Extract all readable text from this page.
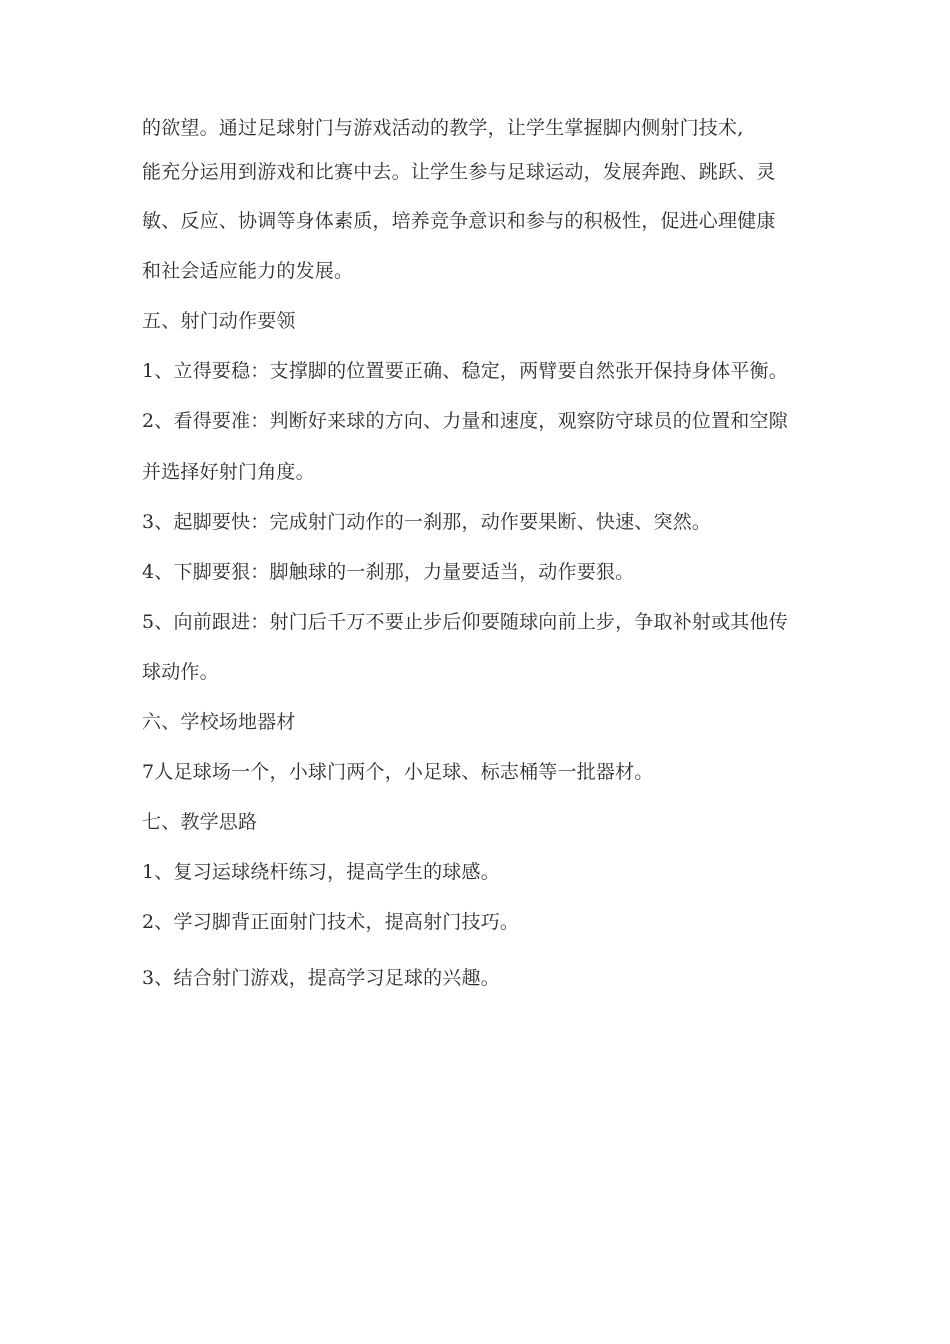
的欲望。通过足球射门与游戏活动的教学，让学生掌握脚内侧射门技术,
能充分运用到游戏和比赛中去。让学生参与足球运动，发展奔跑、跳跃、灵
敏、反应、协调等身体素质，培养竞争意识和参与的积极性，促进心理健康
和社会适应能力的发展。
五、射门动作要领
1、立得要稳：支撑脚的位置要正确、稳定，两臂要自然张开保持身体平衡。
2、看得要准：判断好来球的方向、力量和速度，观察防守球员的位置和空隙
并选择好射门角度。
3、起脚要快：完成射门动作的一刹那，动作要果断、快速、突然。
4、下脚要狠：脚触球的一刹那，力量要适当，动作要狠。
5、向前跟进：射门后千万不要止步后仰要随球向前上步，争取补射或其他传
球动作。
六、学校场地器材
7人足球场一个，小球门两个，小足球、标志桶等一批器材。
七、教学思路
1、复习运球绕杆练习，提高学生的球感。
2、学习脚背正面射门技术，提高射门技巧。
3、结合射门游戏，提高学习足球的兴趣。
